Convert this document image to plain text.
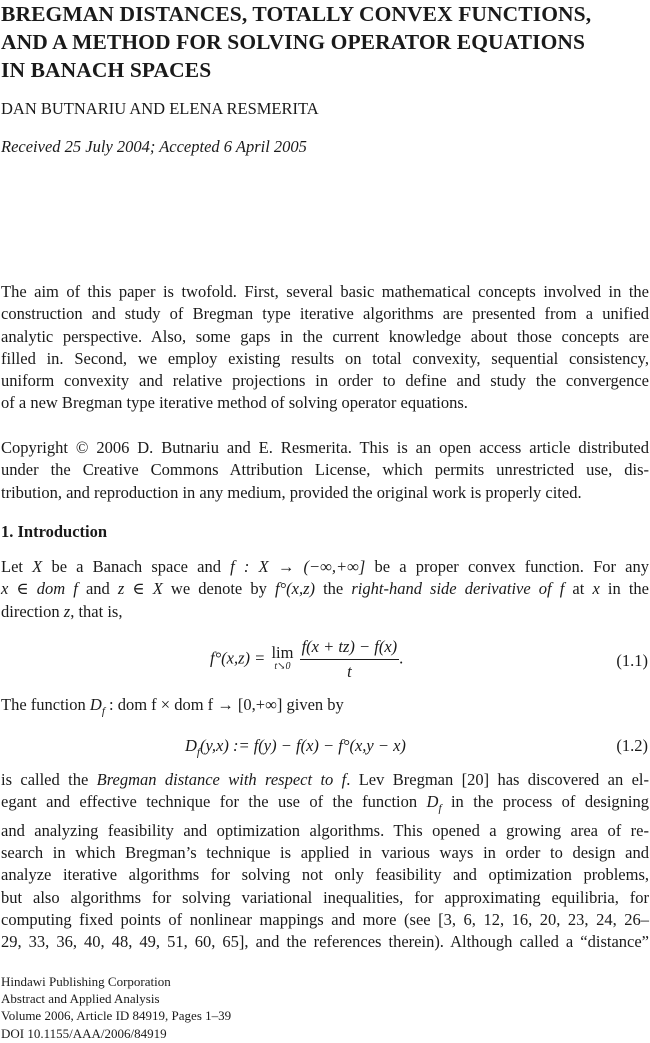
BREGMAN DISTANCES, TOTALLY CONVEX FUNCTIONS,
AND A METHOD FOR SOLVING OPERATOR EQUATIONS
IN BANACH SPACES
DAN BUTNARIU AND ELENA RESMERITA
Received 25 July 2004; Accepted 6 April 2005
The aim of this paper is twofold. First, several basic mathematical concepts involved in the
construction and study of Bregman type iterative algorithms are presented from a unified
analytic perspective. Also, some gaps in the current knowledge about those concepts are
filled in. Second, we employ existing results on total convexity, sequential consistency,
uniform convexity and relative projections in order to define and study the convergence
of a new Bregman type iterative method of solving operator equations.
Copyright © 2006 D. Butnariu and E. Resmerita. This is an open access article distributed
under the Creative Commons Attribution License, which permits unrestricted use, dis-
tribution, and reproduction in any medium, provided the original work is properly cited.
1. Introduction
Let X be a Banach space and f : X → (−∞,+∞] be a proper convex function. For any
x ∈ dom f and z ∈ X we denote by f°(x,z) the right-hand side derivative of f at x in the
direction z, that is,
f°(x,z) = lim
t↘0
$\frac{f(x + tz) - f(x)}{t}$ .	(1.1)
The function $D_f$ : dom f × dom f → [0,+∞] given by
$D_f(y,x)$ := f(y) − f(x) − f°(x,y − x)	(1.2)
is called the Bregman distance with respect to f. Lev Bregman [20] has discovered an el-
egant and effective technique for the use of the function $D_f$ in the process of designing
and analyzing feasibility and optimization algorithms. This opened a growing area of re-
search in which Bregman’s technique is applied in various ways in order to design and
analyze iterative algorithms for solving not only feasibility and optimization problems,
but also algorithms for solving variational inequalities, for approximating equilibria, for
computing fixed points of nonlinear mappings and more (see [3, 6, 12, 16, 20, 23, 24, 26–
29, 33, 36, 40, 48, 49, 51, 60, 65], and the references therein). Although called a “distance”
Hindawi Publishing Corporation
Abstract and Applied Analysis
Volume 2006, Article ID 84919, Pages 1–39
DOI 10.1155/AAA/2006/84919
